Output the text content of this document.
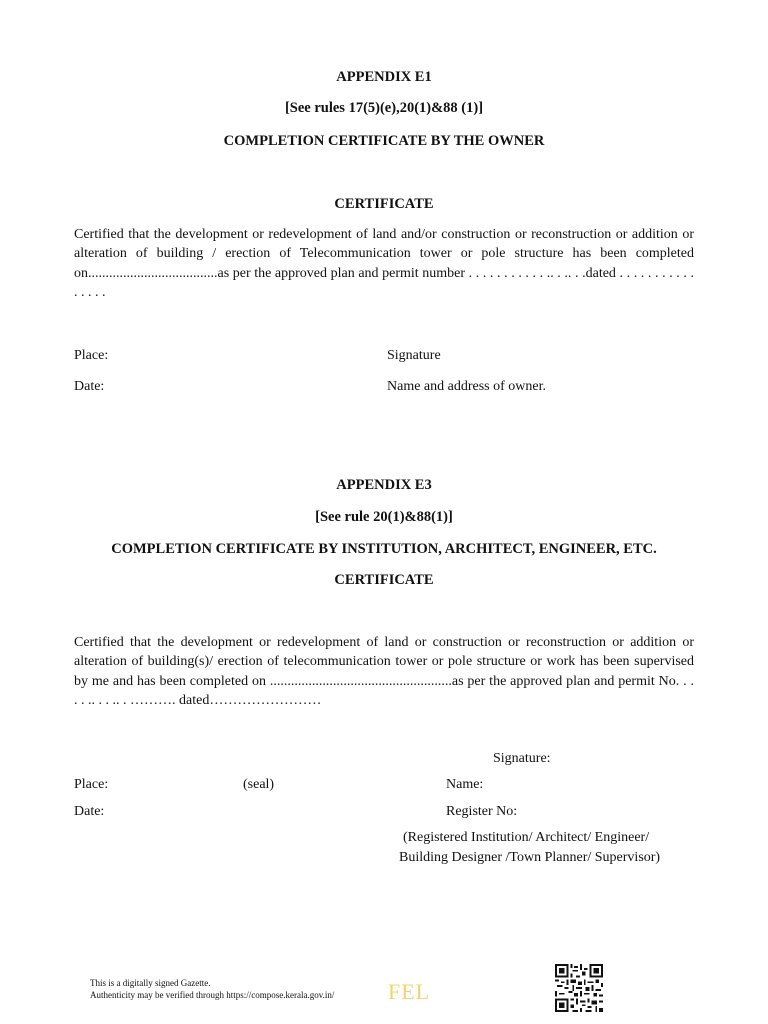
APPENDIX E1
[See rules 17(5)(e),20(1)&88 (1)]
COMPLETION CERTIFICATE BY THE OWNER
CERTIFICATE
Certified that the development or redevelopment of land and/or construction or reconstruction or addition or alteration of building / erection of Telecommunication tower or pole structure has been completed on.....................................as per the approved plan and permit number . . . . . . . . . . . .. . .. . .dated . . . . . . . . . . . . . . . .
Place:	Signature
Date:	Name and address of owner.
APPENDIX E3
[See rule 20(1)&88(1)]
COMPLETION CERTIFICATE BY INSTITUTION, ARCHITECT, ENGINEER, ETC.
CERTIFICATE
Certified that the development or redevelopment of land or construction or reconstruction or addition or alteration of building(s)/ erection of telecommunication tower or pole structure or work has been supervised by me and has been completed on ....................................................as per the approved plan and permit No. . . . . .. . . .. . ………. dated……………………
Signature:
Place:	(seal)	Name:
Date:	Register No:
(Registered Institution/ Architect/ Engineer/
Building Designer /Town Planner/ Supervisor)
This is a digitally signed Gazette.
Authenticity may be verified through https://compose.kerala.gov.in/ FEL
